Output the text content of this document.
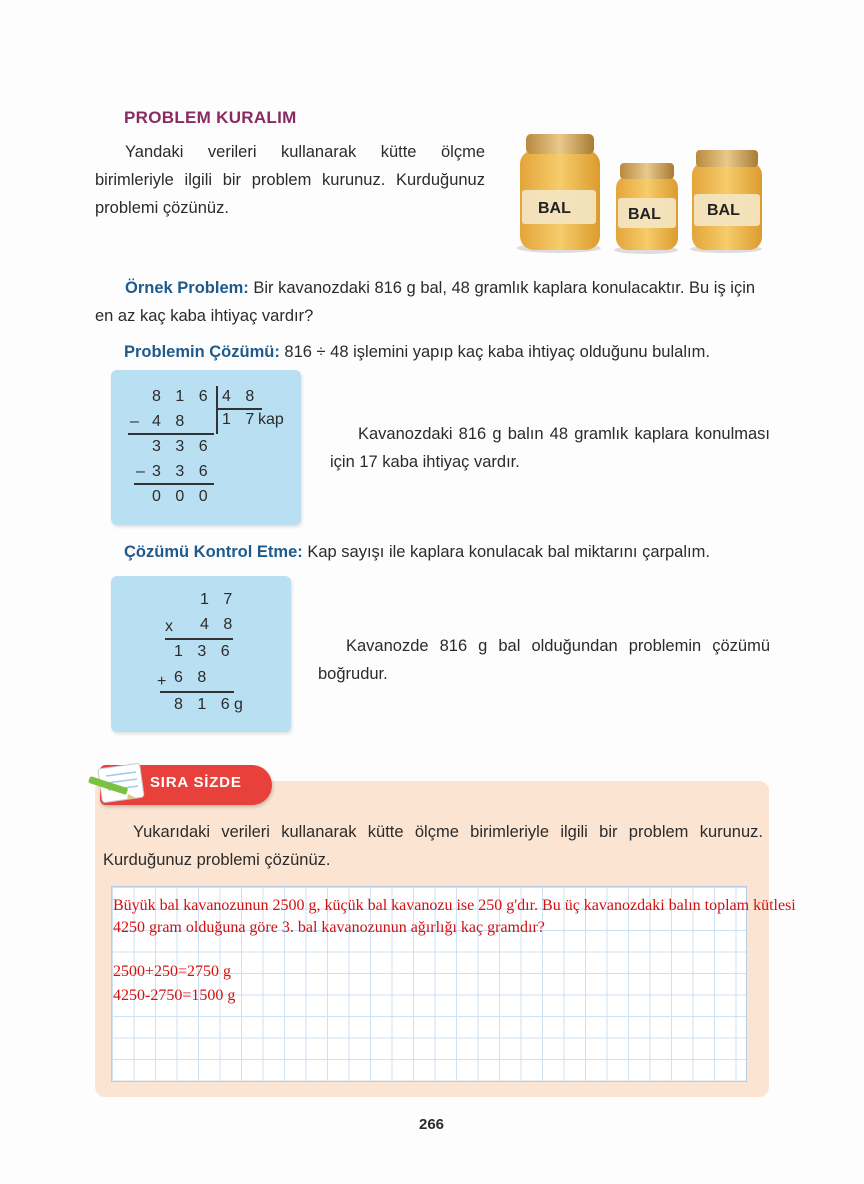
PROBLEM KURALIM
Yandaki verileri kullanarak kütte ölçme birimleriyle ilgili bir problem kurunuz. Kurduğunuz problemi çözünüz.	BAL	BAL	BAL
Örnek Problem: Bir kavanozdaki 816 g bal, 48 gramlık kaplara konulacaktır. Bu iş için en az kaç kaba ihtiyaç vardır?
Problemin Çözümü: 816 ÷ 48 işlemini yapıp kaç kaba ihtiyaç olduğunu bulalım.
8 1 6 4 8
– 4 8 1 7
kap
3 3 6
– 3 3 6
0 0 0
Kavanozdaki 816 g balın 48 gramlık kaplara konulması için 17 kaba ihtiyaç vardır.
Çözümü Kontrol Etme: Kap sayışı ile kaplara konulacak bal miktarını çarpalım.
1 7
x 4 8
1 3 6
+ 6 8
8 1 6 g
Kavanozde 816 g bal olduğundan problemin çözümü boğrudur.
SIRA SİZDE
Yukarıdaki verileri kullanarak kütte ölçme birimleriyle ilgili bir problem kurunuz. Kurduğunuz problemi çözünüz.
Büyük bal kavanozunun 2500 g, küçük bal kavanozu ise 250 g'dır. Bu üç kavanozdaki balın toplam kütlesi 4250 gram olduğuna göre 3. bal kavanozunun ağırlığı kaç gramdır?
2500+250=2750 g
4250-2750=1500 g
266
